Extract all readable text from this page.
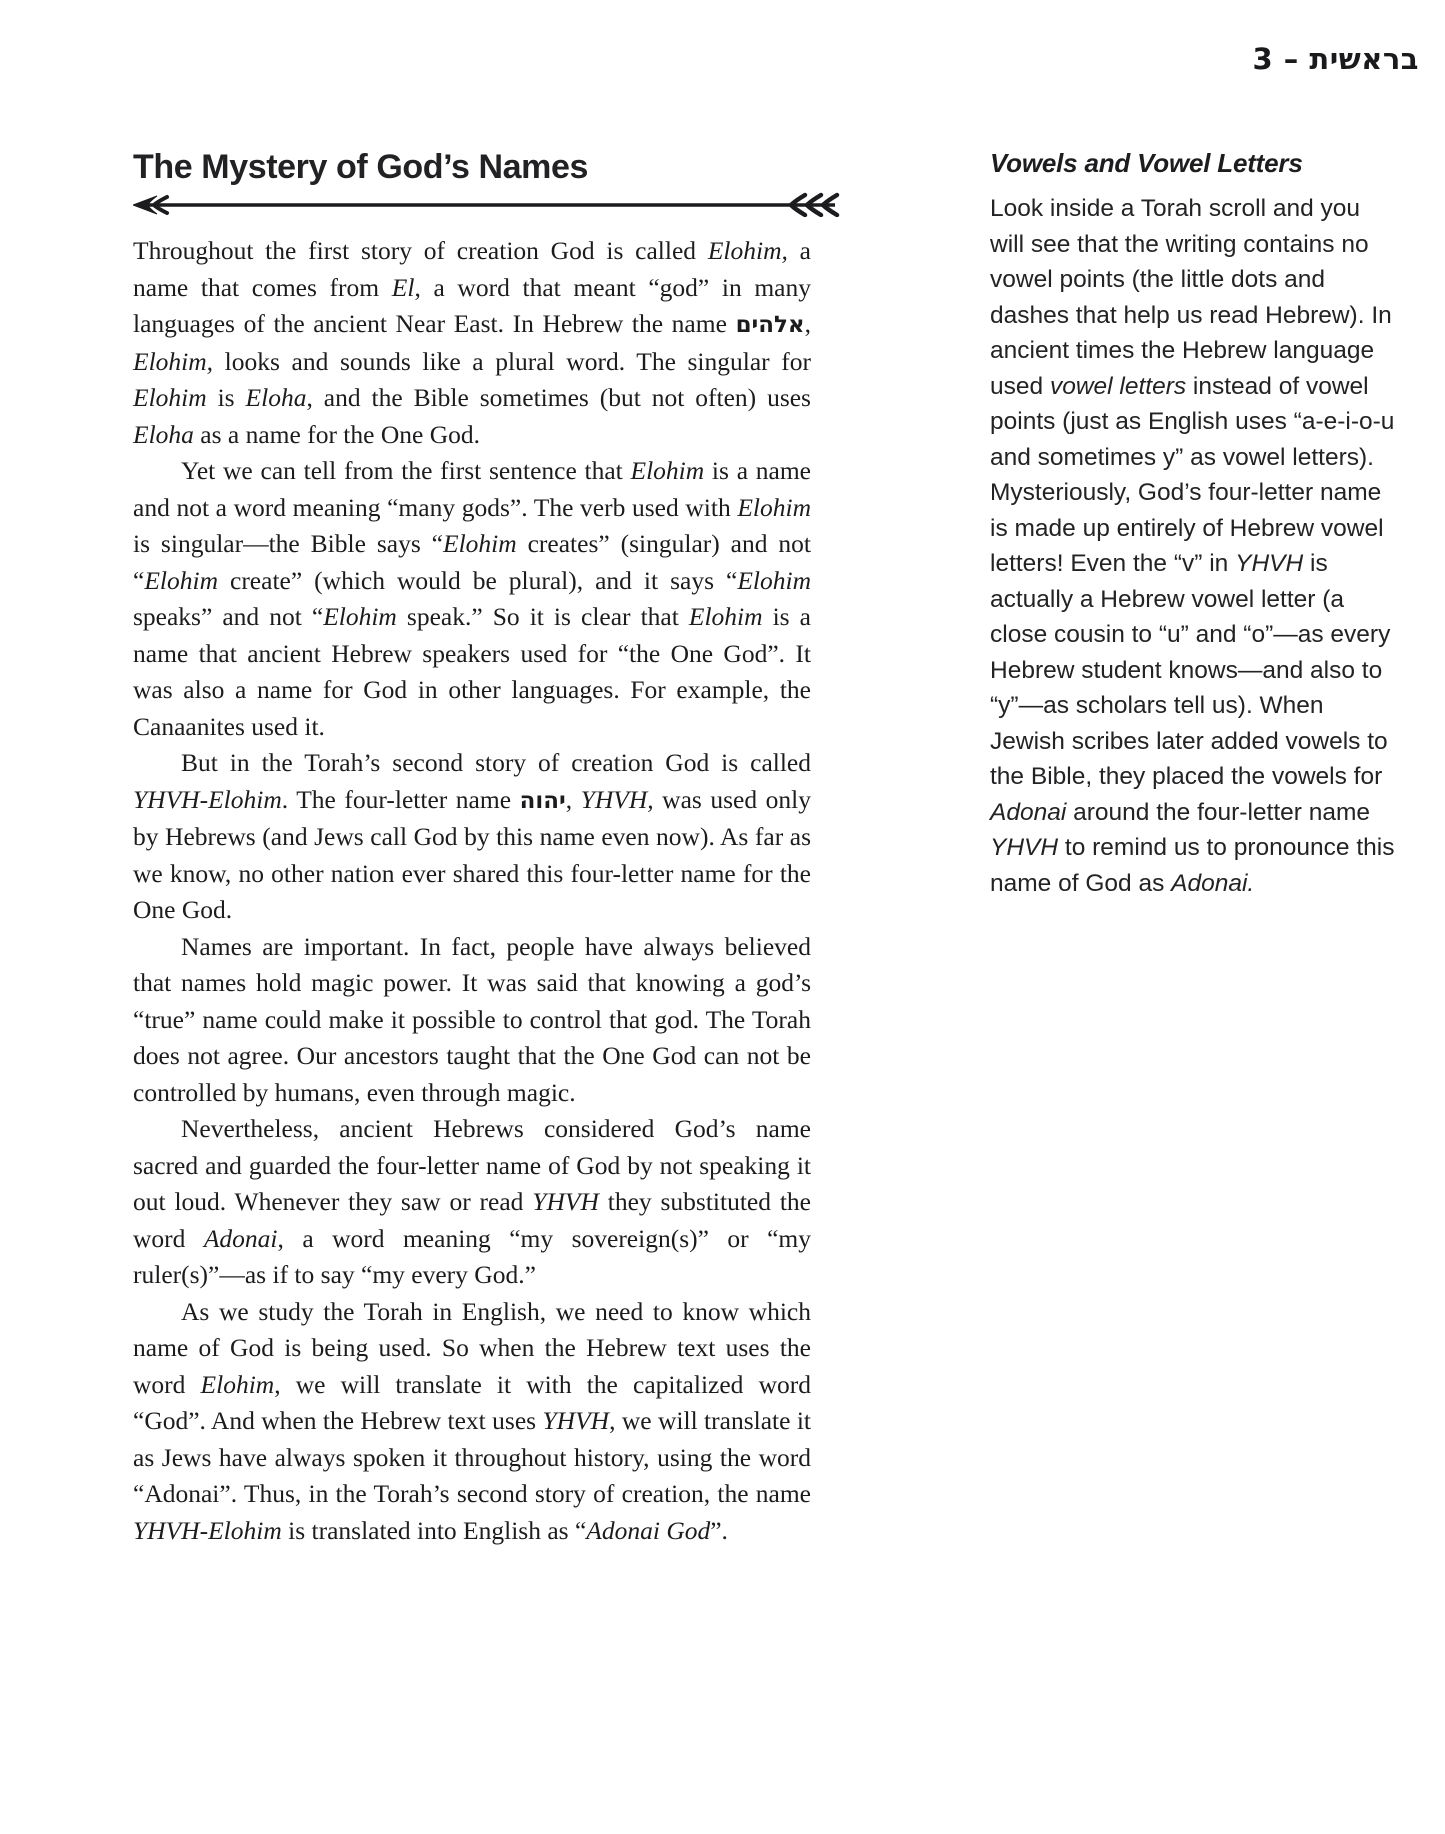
בראשית – 3
The Mystery of God’s Names

Throughout the first story of creation God is called Elohim, a name that comes from El, a word that meant “god” in many languages of the ancient Near East. In Hebrew the name אלהים, Elohim, looks and sounds like a plural word. The singular for Elohim is Eloha, and the Bible sometimes (but not often) uses Eloha as a name for the One God.

Yet we can tell from the first sentence that Elohim is a name and not a word meaning “many gods”. The verb used with Elohim is singular—the Bible says “Elohim creates” (singular) and not “Elohim create” (which would be plural), and it says “Elohim speaks” and not “Elohim speak.” So it is clear that Elohim is a name that ancient Hebrew speakers used for “the One God”. It was also a name for God in other languages. For example, the Canaanites used it.

But in the Torah’s second story of creation God is called YHVH-Elohim. The four-letter name יהוה, YHVH, was used only by Hebrews (and Jews call God by this name even now). As far as we know, no other nation ever shared this four-letter name for the One God.

Names are important. In fact, people have always believed that names hold magic power. It was said that knowing a god’s “true” name could make it possible to control that god. The Torah does not agree. Our ancestors taught that the One God can not be controlled by humans, even through magic.

Nevertheless, ancient Hebrews considered God’s name sacred and guarded the four-letter name of God by not speaking it out loud. Whenever they saw or read YHVH they substituted the word Adonai, a word meaning “my sovereign(s)” or “my ruler(s)”—as if to say “my every God.”

As we study the Torah in English, we need to know which name of God is being used. So when the Hebrew text uses the word Elohim, we will translate it with the capitalized word “God”. And when the Hebrew text uses YHVH, we will translate it as Jews have always spoken it throughout history, using the word “Adonai”. Thus, in the Torah’s second story of creation, the name YHVH-Elohim is translated into English as “Adonai God”.

Vowels and Vowel Letters

Look inside a Torah scroll and you will see that the writing contains no vowel points (the little dots and dashes that help us read Hebrew). In ancient times the Hebrew language used vowel letters instead of vowel points (just as English uses “a-e-i-o-u and sometimes y” as vowel letters). Mysteriously, God’s four-letter name is made up entirely of Hebrew vowel letters! Even the “v” in YHVH is actually a Hebrew vowel letter (a close cousin to “u” and “o”—as every Hebrew student knows—and also to “y”—as scholars tell us). When Jewish scribes later added vowels to the Bible, they placed the vowels for Adonai around the four-letter name YHVH to remind us to pronounce this name of God as Adonai.
